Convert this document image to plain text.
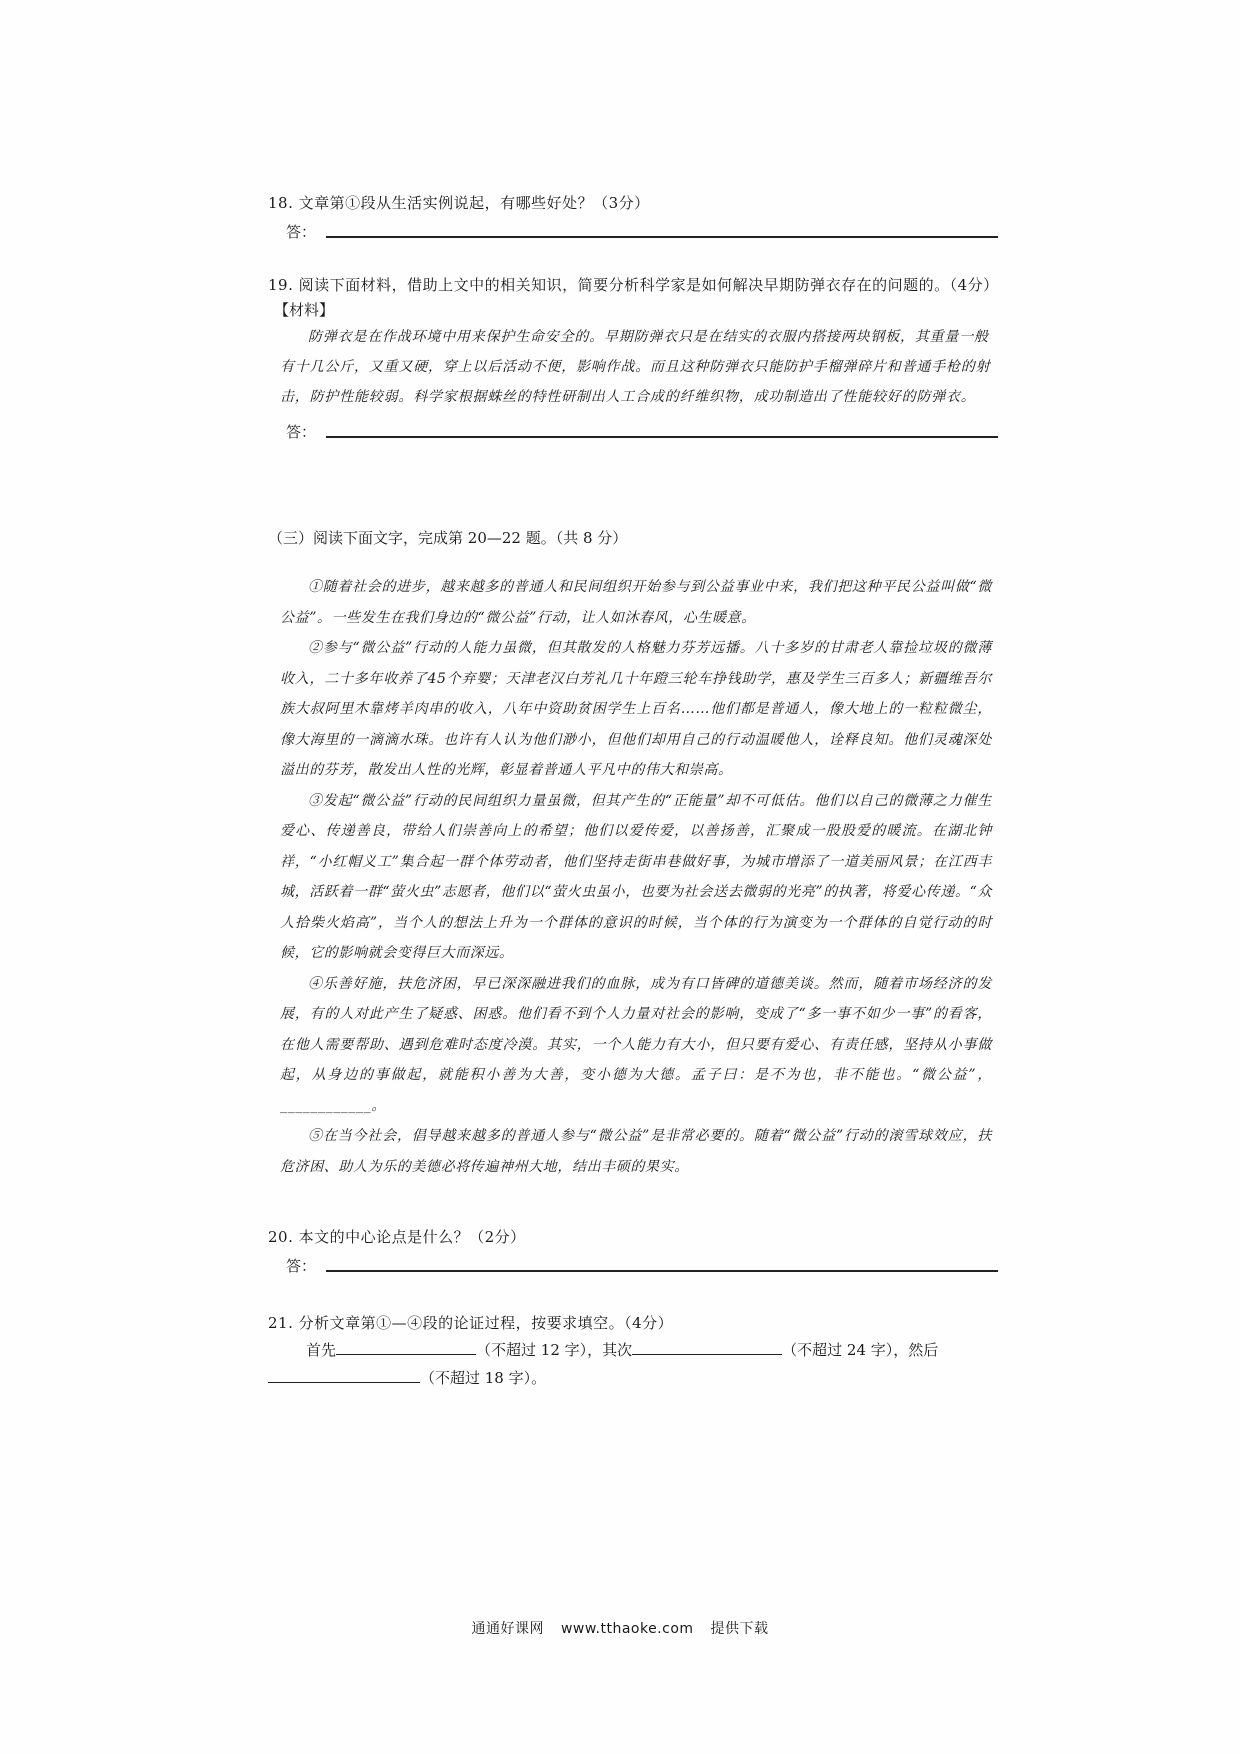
18. 文章第①段从生活实例说起，有哪些好处？（3分）
答：
19. 阅读下面材料，借助上文中的相关知识，简要分析科学家是如何解决早期防弹衣存在的问题的。（4分）
【材料】
防弹衣是在作战环境中用来保护生命安全的。早期防弹衣只是在结实的衣服内搭接两块钢板，其重量一般有十几公斤，又重又硬，穿上以后活动不便，影响作战。而且这种防弹衣只能防护手榴弹碎片和普通手枪的射击，防护性能较弱。科学家根据蛛丝的特性研制出人工合成的纤维织物，成功制造出了性能较好的防弹衣。
答：
（三）阅读下面文字，完成第 20—22 题。（共 8 分）

①随着社会的进步，越来越多的普通人和民间组织开始参与到公益事业中来，我们把这种平民公益叫做“微公益”。一些发生在我们身边的“微公益”行动，让人如沐春风，心生暖意。

②参与“微公益”行动的人能力虽微，但其散发的人格魅力芬芳远播。八十多岁的甘肃老人靠捡垃圾的微薄收入，二十多年收养了45个弃婴；天津老汉白芳礼几十年蹬三轮车挣钱助学，惠及学生三百多人；新疆维吾尔族大叔阿里木靠烤羊肉串的收入，八年中资助贫困学生上百名……他们都是普通人，像大地上的一粒粒微尘，像大海里的一滴滴水珠。也许有人认为他们渺小，但他们却用自己的行动温暖他人，诠释良知。他们灵魂深处溢出的芬芳，散发出人性的光辉，彰显着普通人平凡中的伟大和崇高。

③发起“微公益”行动的民间组织力量虽微，但其产生的“正能量”却不可低估。他们以自己的微薄之力催生爱心、传递善良，带给人们崇善向上的希望；他们以爱传爱，以善扬善，汇聚成一股股爱的暖流。在湖北钟祥，“小红帽义工”集合起一群个体劳动者，他们坚持走街串巷做好事，为城市增添了一道美丽风景；在江西丰城，活跃着一群“萤火虫”志愿者，他们以“萤火虫虽小，也要为社会送去微弱的光亮”的执著，将爱心传递。“众人拾柴火焰高”，当个人的想法上升为一个群体的意识的时候，当个体的行为演变为一个群体的自觉行动的时候，它的影响就会变得巨大而深远。

④乐善好施，扶危济困，早已深深融进我们的血脉，成为有口皆碑的道德美谈。然而，随着市场经济的发展，有的人对此产生了疑惑、困惑。他们看不到个人力量对社会的影响，变成了“多一事不如少一事”的看客，在他人需要帮助、遇到危难时态度冷漠。其实，一个人能力有大小，但只要有爱心、有责任感，坚持从小事做起，从身边的事做起，就能积小善为大善，变小德为大德。孟子曰：是不为也，非不能也。“微公益”，____________。

⑤在当今社会，倡导越来越多的普通人参与“微公益”是非常必要的。随着“微公益”行动的滚雪球效应，扶危济困、助人为乐的美德必将传遍神州大地，结出丰硕的果实。

20. 本文的中心论点是什么？（2分）
答：
21. 分析文章第①—④段的论证过程，按要求填空。（4分）
首先	（不超过 12 字），其次	（不超过 24 字），然后
（不超过 18 字）。
通通好课网 www.tthaoke.com 提供下载
